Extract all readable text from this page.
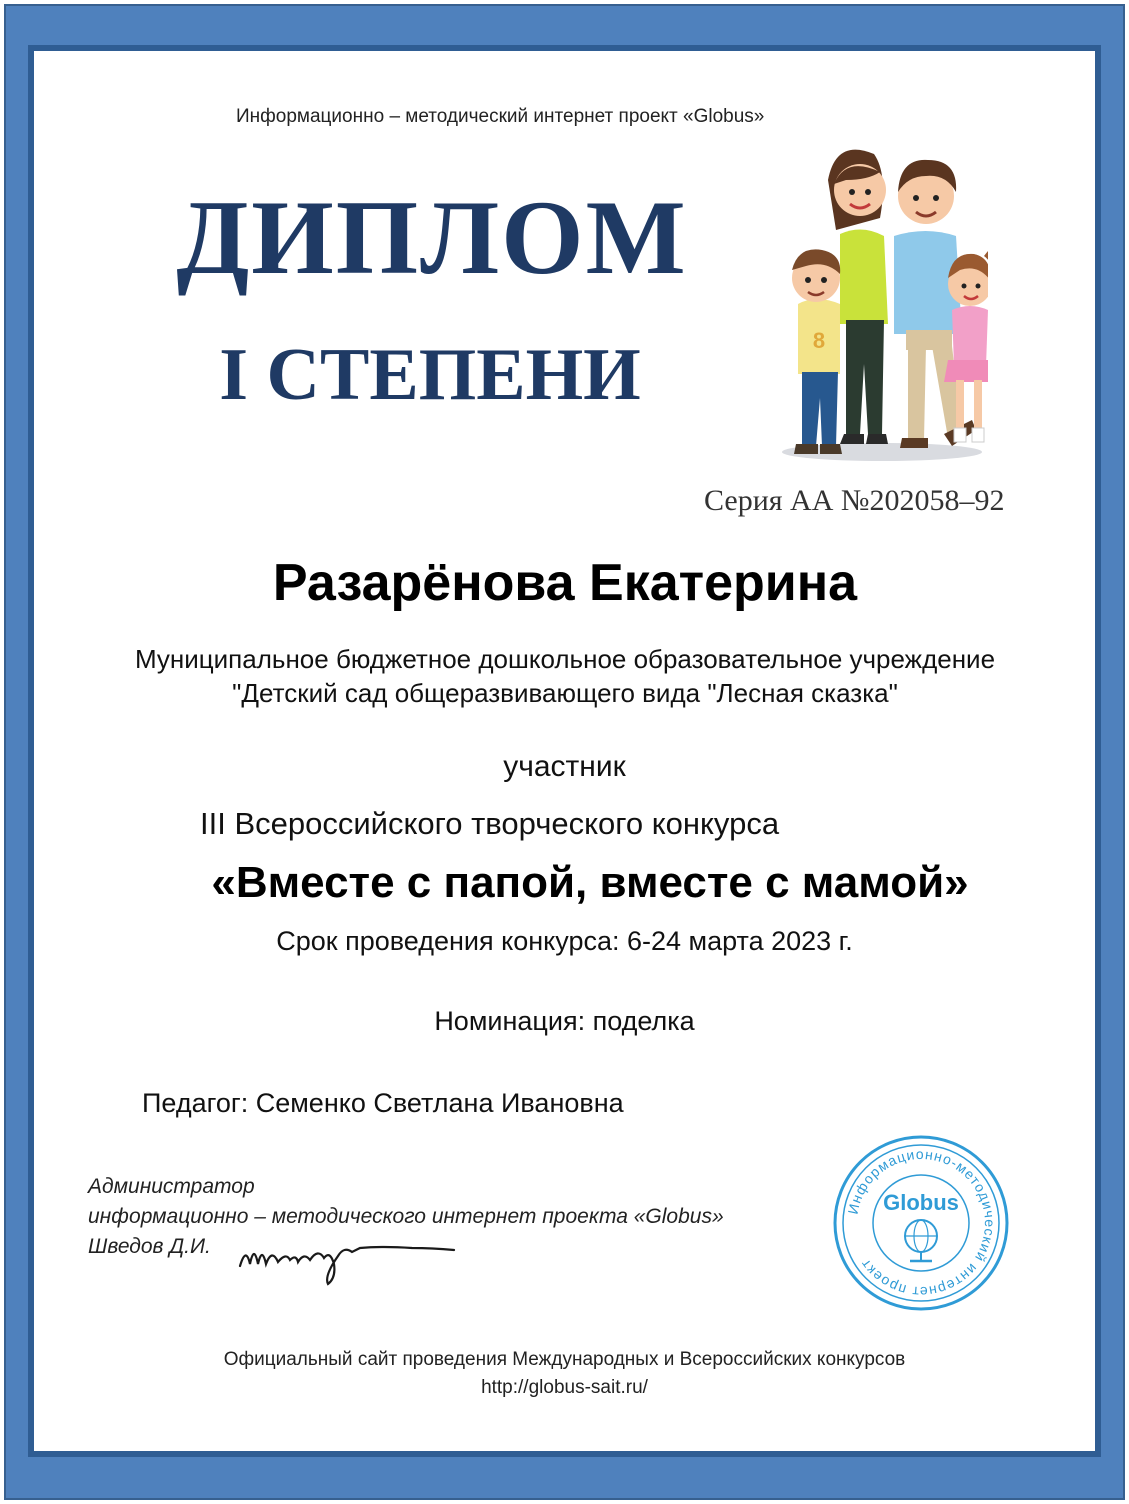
Информационно – методический интернет проект «Globus»
ДИПЛОМ
I СТЕПЕНИ	8
Серия АА №202058–92
Разарёнова Екатерина
Муниципальное бюджетное дошкольное образовательное учреждение
"Детский сад общеразвивающего вида "Лесная сказка"
участник
III Всероссийского творческого конкурса
«Вместе с папой, вместе с мамой»
Срок проведения конкурса: 6-24 марта 2023 г.
Номинация: поделка
Педагог: Семенко Светлана Ивановна
Администратор
информационно – методического интернет проекта «Globus»
Шведов Д.И.
Информационно-методический интернет проект
Globus
Официальный сайт проведения Международных и Всероссийских конкурсов
http://globus-sait.ru/
